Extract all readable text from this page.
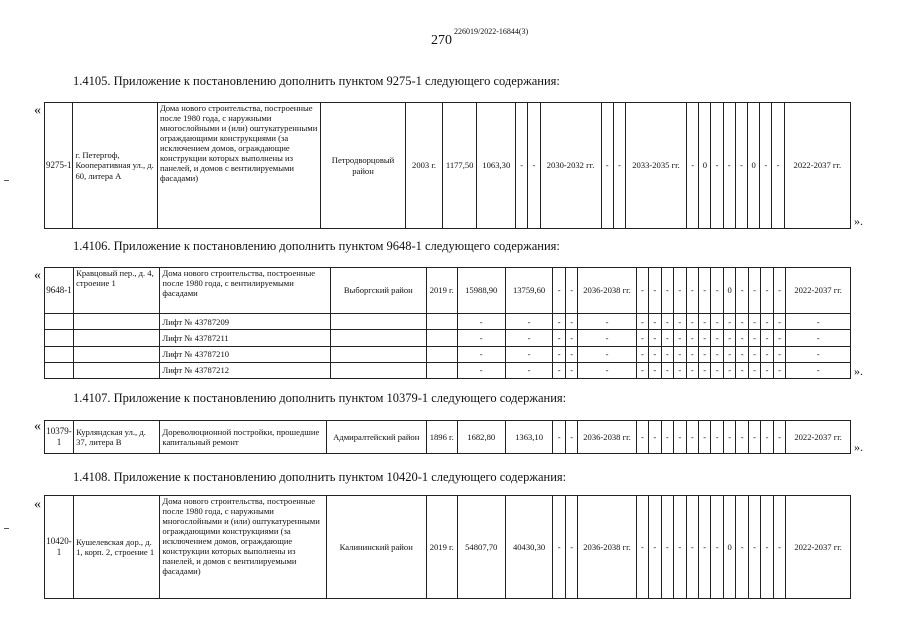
270
226019/2022-16844(3)
1.4105. Приложение к постановлению дополнить пунктом 9275-1 следующего содержания:
«
9275-1	г. Петергоф, Кооперативная ул., д. 60, литера А	Дома нового строительства, построенные после 1980 года, с наружными многослойными и (или) оштукатуренными ограждающими конструкциями (за исключением домов, ограждающие конструкции которых выполнены из панелей, и домов с вентилируемыми фасадами)	Петродворцовый район	2003 г.	1177,50	1063,30	-	-	2030-2032 гг.	-	-	2033-2035 гг.	-	0	-	-	-	0	-	-	2022-2037 гг.
».
1.4106. Приложение к постановлению дополнить пунктом 9648-1 следующего содержания:
«
9648-1	Кравцовый пер., д. 4, строение 1	Дома нового строительства, построенные после 1980 года, с вентилируемыми фасадами	Выборгский район	2019 г.	15988,90	13759,60	-	-	2036-2038 гг.	-	-	-	-	-	-	-	0	-	-	-	-	2022-2037 гг.
		Лифт № 43787209			-	-	-	-	-	-	-	-	-	-	-	-	-	-	-	-	-	-
		Лифт № 43787211			-	-	-	-	-	-	-	-	-	-	-	-	-	-	-	-	-	-
		Лифт № 43787210			-	-	-	-	-	-	-	-	-	-	-	-	-	-	-	-	-	-
		Лифт № 43787212			-	-	-	-	-	-	-	-	-	-	-	-	-	-	-	-	-	-	».
1.4107. Приложение к постановлению дополнить пунктом 10379-1 следующего содержания:
« 10379-1	Курляндская ул., д. 37, литера В	Дореволюционной постройки, прошедшие капитальный ремонт	Адмиралтейский район	1896 г.	1682,80	1363,10	-	-	2036-2038 гг.	-	-	-	-	-	-	-	-	-	-	-	-	2022-2037 гг.
».
1.4108. Приложение к постановлению дополнить пунктом 10420-1 следующего содержания:
«
10420-1	Кушелевская дор., д. 1, корп. 2, строение 1	Дома нового строительства, построенные после 1980 года, с наружными многослойными и (или) оштукатуренными ограждающими конструкциями (за исключением домов, ограждающие конструкции которых выполнены из панелей, и домов с вентилируемыми фасадами)	Калининский район	2019 г.	54807,70	40430,30	-	-	2036-2038 гг.	-	-	-	-	-	-	-	0	-	-	-	-	2022-2037 гг.
